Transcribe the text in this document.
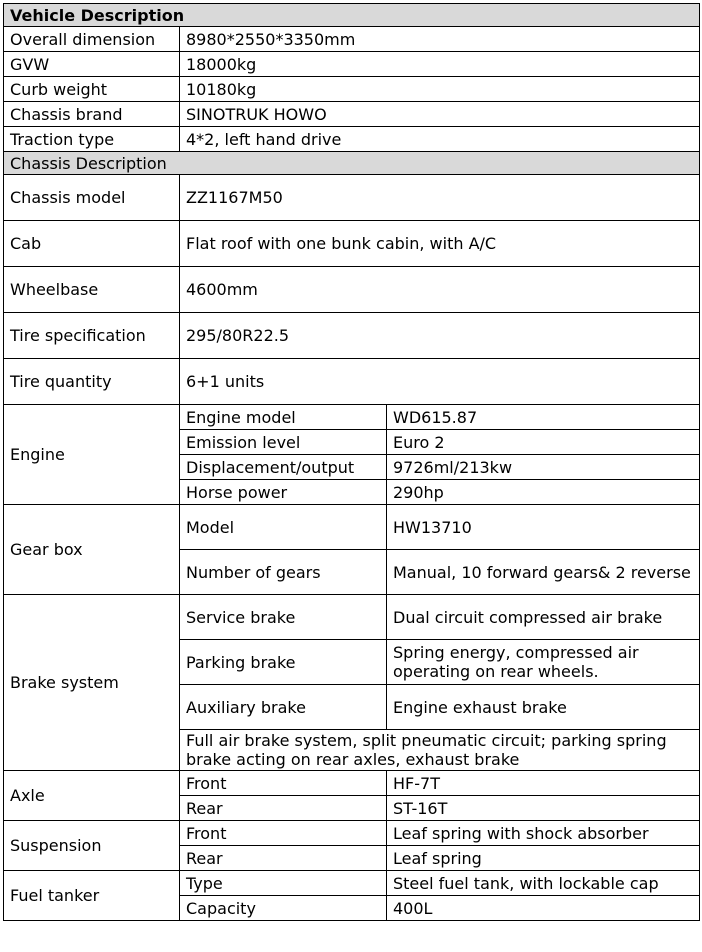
Vehicle Description		
Overall dimension	8980*2550*3350mm	
GVW	18000kg	
Curb weight	10180kg	
Chassis brand	SINOTRUK HOWO	
Traction type	4*2, left hand drive	
Chassis Description		
Chassis model	ZZ1167M50	
Cab	Flat roof with one bunk cabin, with A/C	
Wheelbase	4600mm	
Tire specification	295/80R22.5	
Tire quantity	6+1 units	
Engine	Engine model	WD615.87
	Emission level	Euro 2
	Displacement/output	9726ml/213kw
	Horse power	290hp
Gear box	Model	HW13710
	Number of gears	Manual, 10 forward gears& 2 reverse
Brake system	Service brake	Dual circuit compressed air brake
	Parking brake	Spring energy, compressed air operating on rear wheels.
	Auxiliary brake	Engine exhaust brake
	Full air brake system, split pneumatic circuit; parking spring brake acting on rear axles, exhaust brake	
Axle	Front	HF-7T
	Rear	ST-16T
Suspension	Front	Leaf spring with shock absorber
	Rear	Leaf spring
Fuel tanker	Type	Steel fuel tank, with lockable cap
	Capacity	400L
